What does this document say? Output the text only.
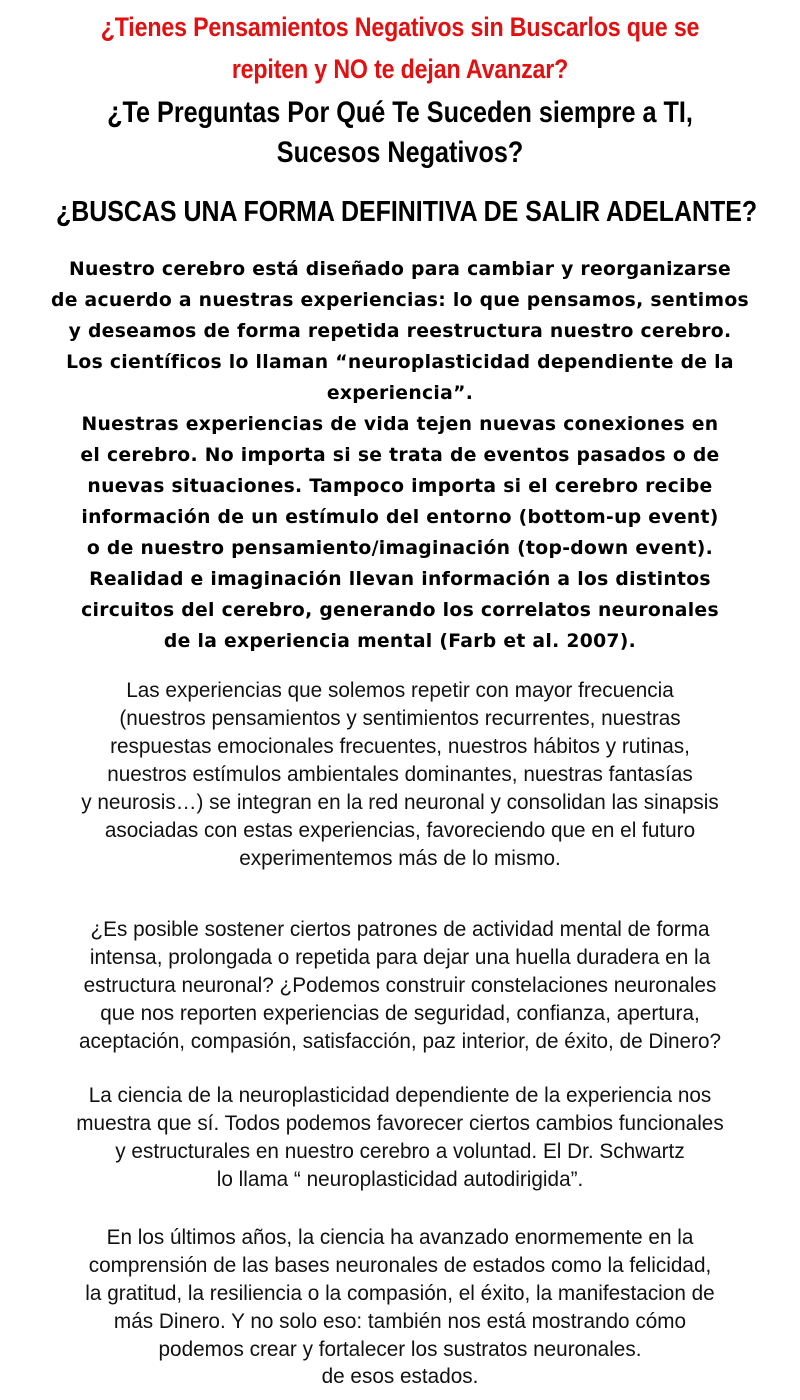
¿Tienes Pensamientos Negativos sin Buscarlos que se
repiten y NO te dejan Avanzar?
¿Te Preguntas Por Qué Te Suceden siempre a TI,
Sucesos Negativos?
¿BUSCAS UNA FORMA DEFINITIVA DE SALIR ADELANTE?
Nuestro cerebro está diseñado para cambiar y reorganizarse
de acuerdo a nuestras experiencias: lo que pensamos, sentimos
y deseamos de forma repetida reestructura nuestro cerebro.
Los científicos lo llaman “neuroplasticidad dependiente de la
experiencia”.
Nuestras experiencias de vida tejen nuevas conexiones en
el cerebro. No importa si se trata de eventos pasados o de
nuevas situaciones. Tampoco importa si el cerebro recibe
información de un estímulo del entorno (bottom-up event)
o de nuestro pensamiento/imaginación (top-down event).
Realidad e imaginación llevan información a los distintos
circuitos del cerebro, generando los correlatos neuronales
de la experiencia mental (Farb et al. 2007).
Las experiencias que solemos repetir con mayor frecuencia
(nuestros pensamientos y sentimientos recurrentes, nuestras
respuestas emocionales frecuentes, nuestros hábitos y rutinas,
nuestros estímulos ambientales dominantes, nuestras fantasías
y neurosis…) se integran en la red neuronal y consolidan las sinapsis
asociadas con estas experiencias, favoreciendo que en el futuro
experimentemos más de lo mismo.
¿Es posible sostener ciertos patrones de actividad mental de forma
intensa, prolongada o repetida para dejar una huella duradera en la
estructura neuronal? ¿Podemos construir constelaciones neuronales
que nos reporten experiencias de seguridad, confianza, apertura,
aceptación, compasión, satisfacción, paz interior, de éxito, de Dinero?
La ciencia de la neuroplasticidad dependiente de la experiencia nos
muestra que sí. Todos podemos favorecer ciertos cambios funcionales
y estructurales en nuestro cerebro a voluntad. El Dr. Schwartz
lo llama “ neuroplasticidad autodirigida”.
En los últimos años, la ciencia ha avanzado enormemente en la
comprensión de las bases neuronales de estados como la felicidad,
la gratitud, la resiliencia o la compasión, el éxito, la manifestacion de
más Dinero. Y no solo eso: también nos está mostrando cómo
podemos crear y fortalecer los sustratos neuronales.
de esos estados.
